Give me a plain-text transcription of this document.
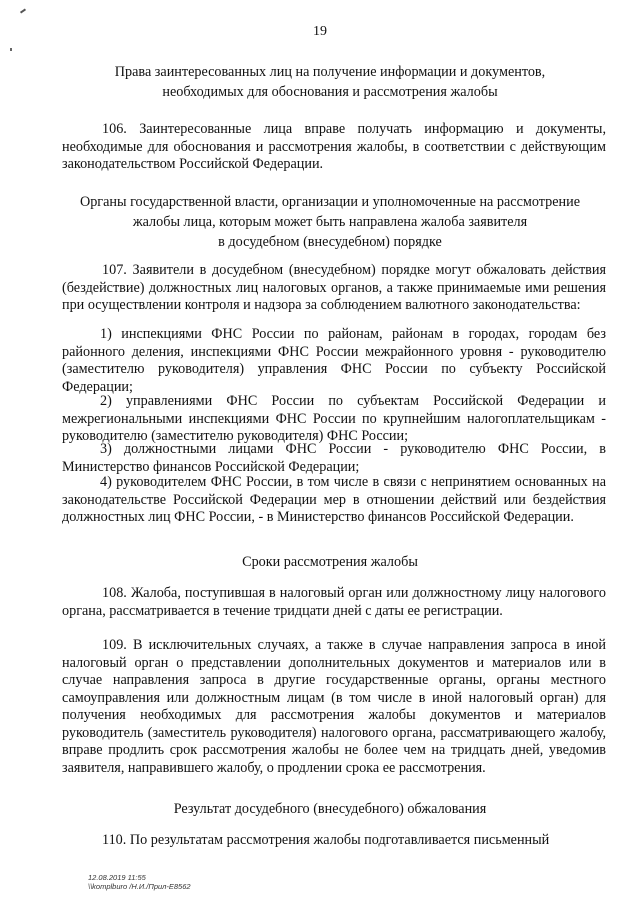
19
Права заинтересованных лиц на получение информации и документов,
необходимых для обоснования и рассмотрения жалобы

106. Заинтересованные лица вправе получать информацию и документы, необходимые для обоснования и рассмотрения жалобы, в соответствии с действующим законодательством Российской Федерации.

Органы государственной власти, организации и уполномоченные на рассмотрение
жалобы лица, которым может быть направлена жалоба заявителя
в досудебном (внесудебном) порядке

107. Заявители в досудебном (внесудебном) порядке могут обжаловать действия (бездействие) должностных лиц налоговых органов, а также принимаемые ими решения при осуществлении контроля и надзора за соблюдением валютного законодательства:

1) инспекциями ФНС России по районам, районам в городах, городам без районного деления, инспекциями ФНС России межрайонного уровня - руководителю (заместителю руководителя) управления ФНС России по субъекту Российской Федерации;

2) управлениями ФНС России по субъектам Российской Федерации и межрегиональными инспекциями ФНС России по крупнейшим налогоплательщикам - руководителю (заместителю руководителя) ФНС России;

3) должностными лицами ФНС России - руководителю ФНС России, в Министерство финансов Российской Федерации;

4) руководителем ФНС России, в том числе в связи с непринятием основанных на законодательстве Российской Федерации мер в отношении действий или бездействия должностных лиц ФНС России, - в Министерство финансов Российской Федерации.

Сроки рассмотрения жалобы

108. Жалоба, поступившая в налоговый орган или должностному лицу налогового органа, рассматривается в течение тридцати дней с даты ее регистрации.

109. В исключительных случаях, а также в случае направления запроса в иной налоговый орган о представлении дополнительных документов и материалов или в случае направления запроса в другие государственные органы, органы местного самоуправления или должностным лицам (в том числе в иной налоговый орган) для получения необходимых для рассмотрения жалобы документов и материалов руководитель (заместитель руководителя) налогового органа, рассматривающего жалобу, вправе продлить срок рассмотрения жалобы не более чем на тридцать дней, уведомив заявителя, направившего жалобу, о продлении срока ее рассмотрения.

Результат досудебного (внесудебного) обжалования

110. По результатам рассмотрения жалобы подготавливается письменный

12.08.2019 11:55
\\komplburo /Н.И./Прил-Е8562
